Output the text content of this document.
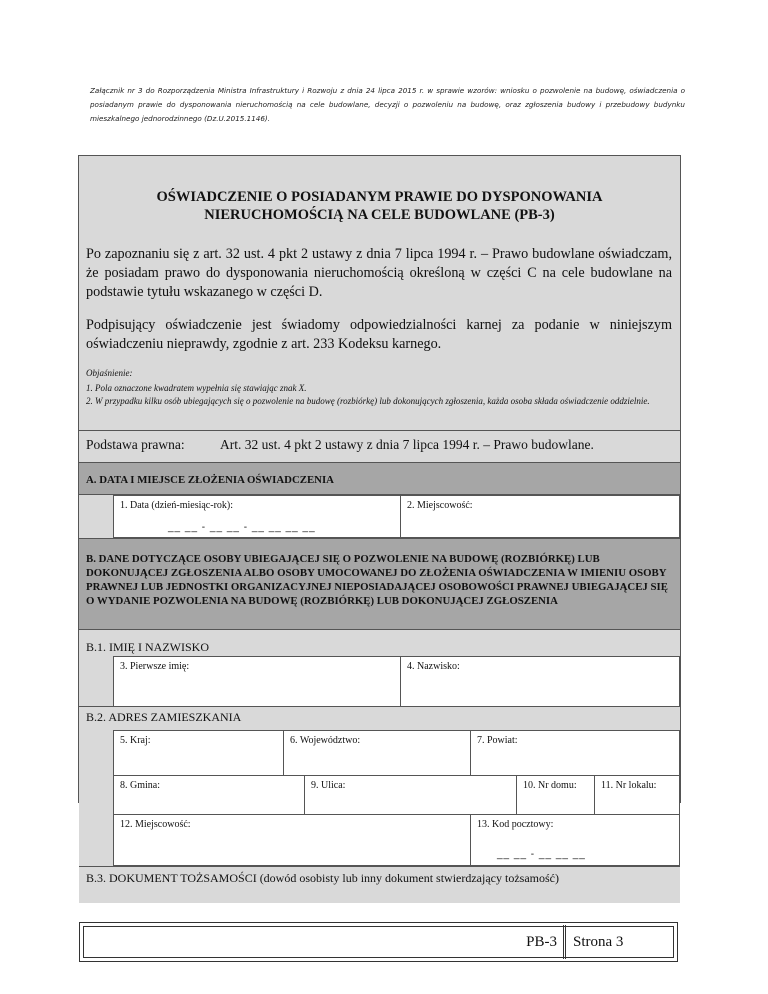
Załącznik nr 3 do Rozporządzenia Ministra Infrastruktury i Rozwoju z dnia 24 lipca 2015 r. w sprawie wzorów: wniosku o pozwolenie na budowę, oświadczenia o posiadanym prawie do dysponowania nieruchomością na cele budowlane, decyzji o pozwoleniu na budowę, oraz zgłoszenia budowy i przebudowy budynku mieszkalnego jednorodzinnego (Dz.U.2015.1146).
OŚWIADCZENIE O POSIADANYM PRAWIE DO DYSPONOWANIA
NIERUCHOMOŚCIĄ NA CELE BUDOWLANE (PB-3)
Po zapoznaniu się z art. 32 ust. 4 pkt 2 ustawy z dnia 7 lipca 1994 r. – Prawo budowlane oświadczam, że posiadam prawo do dysponowania nieruchomością określoną w części C na cele budowlane na podstawie tytułu wskazanego w części D.
Podpisujący oświadczenie jest świadomy odpowiedzialności karnej za podanie w niniejszym oświadczeniu nieprawdy, zgodnie z art. 233 Kodeksu karnego.
Objaśnienie:
1. Pola oznaczone kwadratem wypełnia się stawiając znak X.
2. W przypadku kilku osób ubiegających się o pozwolenie na budowę (rozbiórkę) lub dokonujących zgłoszenia, każda osoba składa oświadczenie oddzielnie.
Podstawa prawna:	Art. 32 ust. 4 pkt 2 ustawy z dnia 7 lipca 1994 r. – Prawo budowlane.
A. DATA I MIEJSCE ZŁOŻENIA OŚWIADCZENIA
1. Data (dzień-miesiąc-rok):
__ __ - __ __ - __ __ __ __
2. Miejscowość:
B. DANE DOTYCZĄCE OSOBY UBIEGAJĄCEJ SIĘ O POZWOLENIE NA BUDOWĘ (ROZBIÓRKĘ) LUB DOKONUJĄCEJ ZGŁOSZENIA ALBO OSOBY UMOCOWANEJ DO ZŁOŻENIA OŚWIADCZENIA W IMIENIU OSOBY PRAWNEJ LUB JEDNOSTKI ORGANIZACYJNEJ NIEPOSIADAJĄCEJ OSOBOWOŚCI PRAWNEJ UBIEGAJĄCEJ SIĘ O WYDANIE POZWOLENIA NA BUDOWĘ (ROZBIÓRKĘ) LUB DOKONUJĄCEJ ZGŁOSZENIA
B.1. IMIĘ I NAZWISKO
3. Pierwsze imię:	4. Nazwisko:
B.2. ADRES ZAMIESZKANIA
5. Kraj:	6. Województwo:	7. Powiat:
8. Gmina:	9. Ulica:	10. Nr domu: 11. Nr lokalu:
12. Miejscowość:	13. Kod pocztowy:
__ __ - __ __ __
B.3. DOKUMENT TOŻSAMOŚCI (dowód osobisty lub inny dokument stwierdzający tożsamość)
PB-3	Strona 3
